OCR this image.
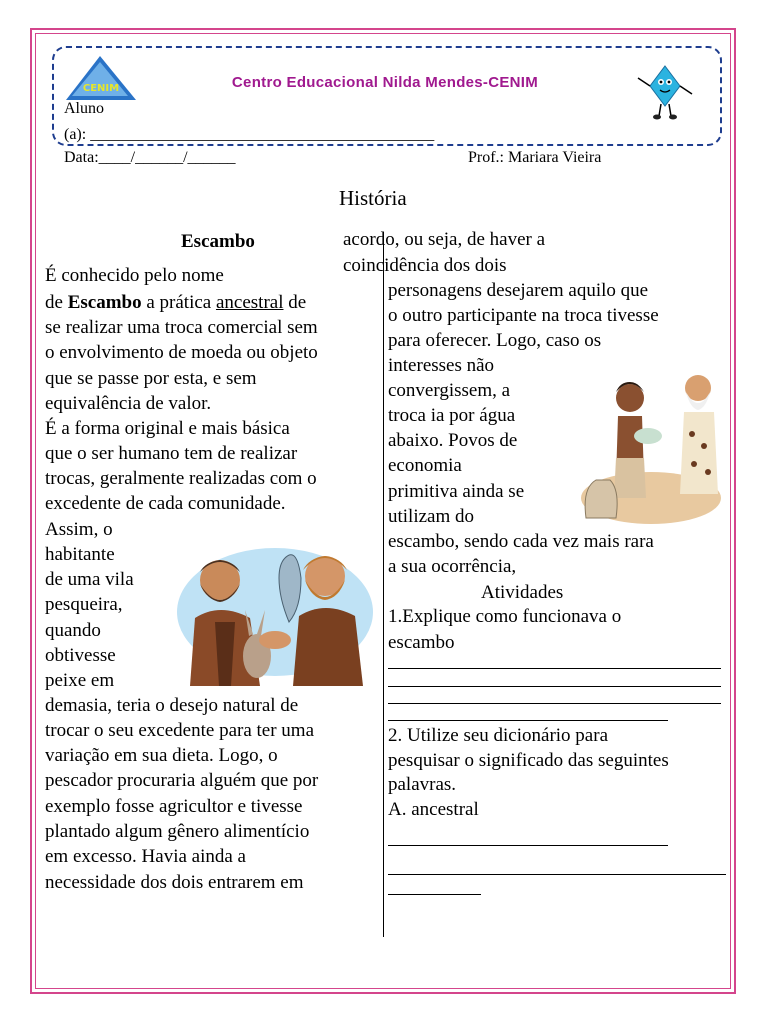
CENIM	Centro Educacional Nilda Mendes-CENIM
Aluno
(a): ___________________________________________
Data:____/______/______	Prof.: Mariara Vieira
História
Escambo
É conhecido pelo nome
de Escambo a prática ancestral de
se realizar uma troca comercial sem
o envolvimento de moeda ou objeto
que se passe por esta, e sem
equivalência de valor.
É a forma original e mais básica
que o ser humano tem de realizar
trocas, geralmente realizadas com o
excedente de cada comunidade.
Assim, o
habitante
de uma vila
pesqueira,
quando
obtivesse
peixe em
demasia, teria o desejo natural de
trocar o seu excedente para ter uma
variação em sua dieta. Logo, o
pescador procuraria alguém que por
exemplo fosse agricultor e tivesse
plantado algum gênero alimentício
em excesso. Havia ainda a
necessidade dos dois entrarem em
acordo, ou seja, de haver a
coincidência dos dois
personagens desejarem aquilo que
o outro participante na troca tivesse
para oferecer. Logo, caso os
interesses não
convergissem, a
troca ia por água
abaixo. Povos de
economia
primitiva ainda se
utilizam do
escambo, sendo cada vez mais rara
a sua ocorrência,
Atividades
1.Explique como funcionava o
escambo
2. Utilize seu dicionário para
pesquisar o significado das seguintes
palavras.
A. ancestral
